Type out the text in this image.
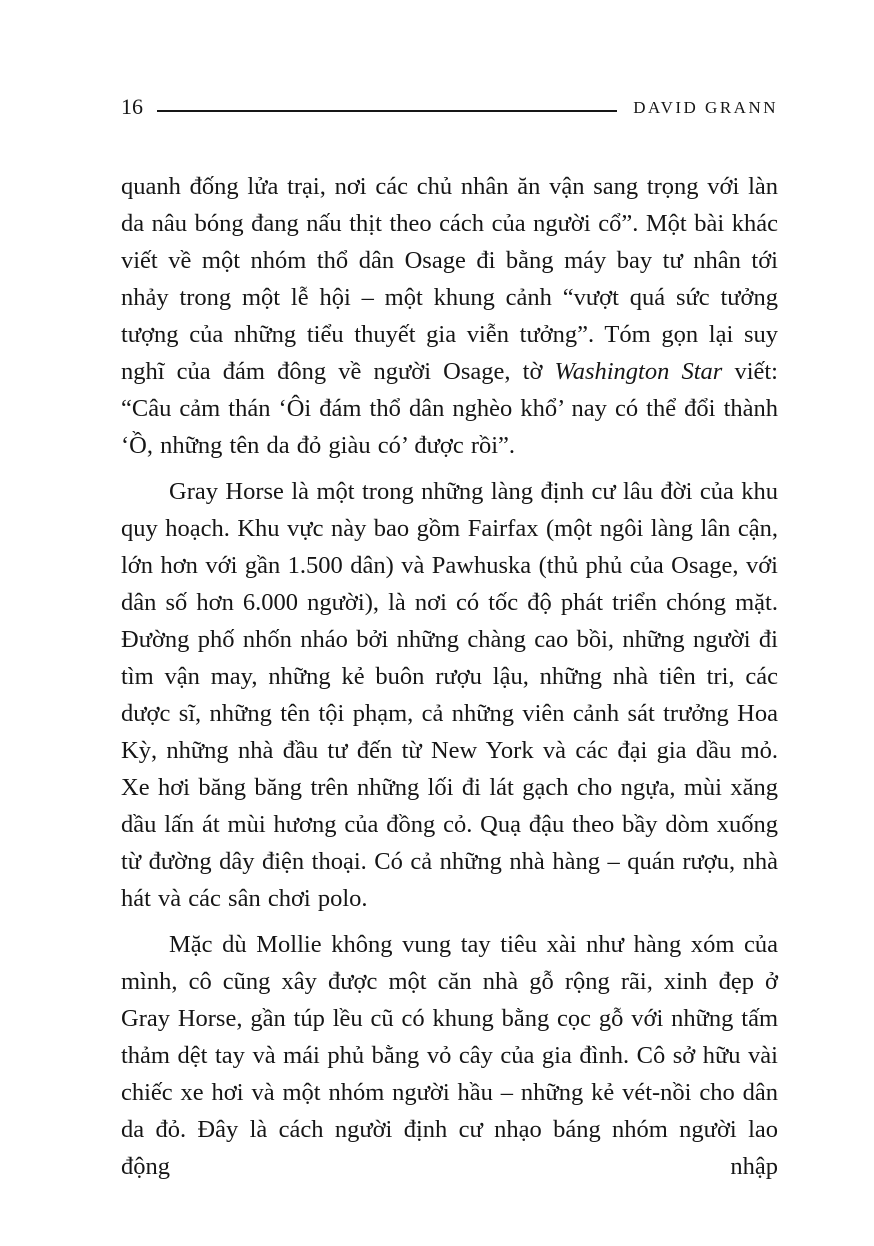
16	DAVID GRANN

quanh đống lửa trại, nơi các chủ nhân ăn vận sang trọng với làn da nâu bóng đang nấu thịt theo cách của người cổ”. Một bài khác viết về một nhóm thổ dân Osage đi bằng máy bay tư nhân tới nhảy trong một lễ hội – một khung cảnh “vượt quá sức tưởng tượng của những tiểu thuyết gia viễn tưởng”. Tóm gọn lại suy nghĩ của đám đông về người Osage, tờ Washington Star viết: “Câu cảm thán ‘Ôi đám thổ dân nghèo khổ’ nay có thể đổi thành ‘Ồ, những tên da đỏ giàu có’ được rồi”.

Gray Horse là một trong những làng định cư lâu đời của khu quy hoạch. Khu vực này bao gồm Fairfax (một ngôi làng lân cận, lớn hơn với gần 1.500 dân) và Pawhuska (thủ phủ của Osage, với dân số hơn 6.000 người), là nơi có tốc độ phát triển chóng mặt. Đường phố nhốn nháo bởi những chàng cao bồi, những người đi tìm vận may, những kẻ buôn rượu lậu, những nhà tiên tri, các dược sĩ, những tên tội phạm, cả những viên cảnh sát trưởng Hoa Kỳ, những nhà đầu tư đến từ New York và các đại gia dầu mỏ. Xe hơi băng băng trên những lối đi lát gạch cho ngựa, mùi xăng dầu lấn át mùi hương của đồng cỏ. Quạ đậu theo bầy dòm xuống từ đường dây điện thoại. Có cả những nhà hàng – quán rượu, nhà hát và các sân chơi polo.

Mặc dù Mollie không vung tay tiêu xài như hàng xóm của mình, cô cũng xây được một căn nhà gỗ rộng rãi, xinh đẹp ở Gray Horse, gần túp lều cũ có khung bằng cọc gỗ với những tấm thảm dệt tay và mái phủ bằng vỏ cây của gia đình. Cô sở hữu vài chiếc xe hơi và một nhóm người hầu – những kẻ vét-nồi cho dân da đỏ. Đây là cách người định cư nhạo báng nhóm người lao động nhập
